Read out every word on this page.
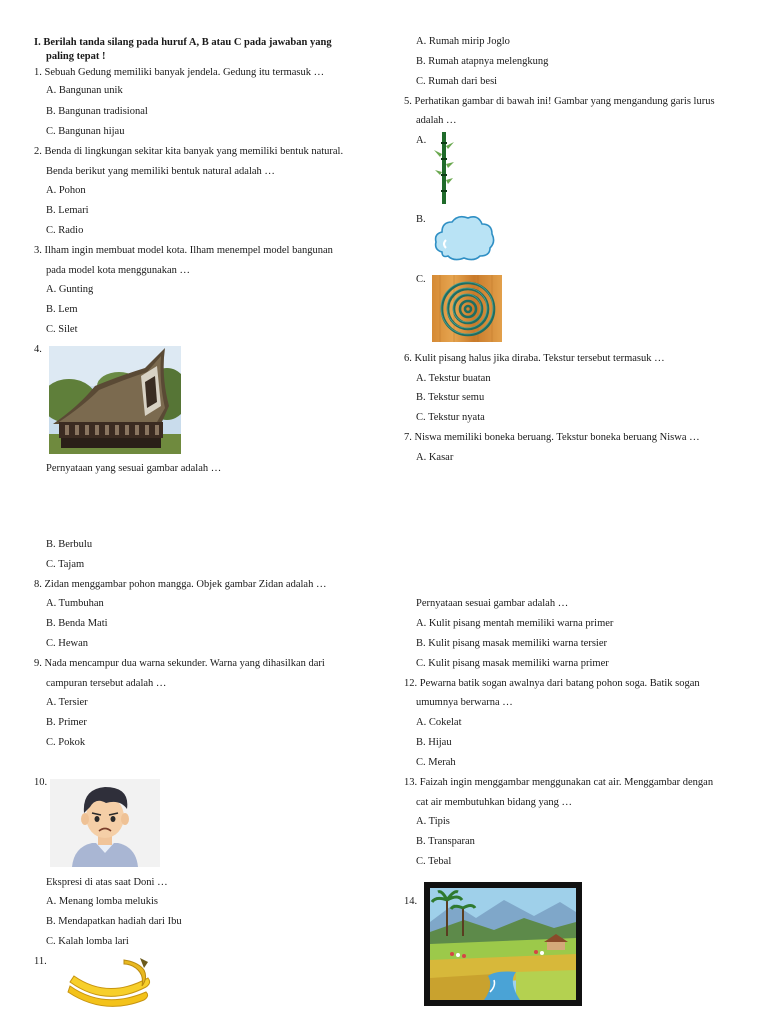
I. Berilah tanda silang pada huruf A, B atau C pada jawaban yang
paling tepat !
1. Sebuah Gedung memiliki banyak jendela. Gedung itu termasuk …
A. Bangunan unik
B. Bangunan tradisional
C. Bangunan hijau
2. Benda di lingkungan sekitar kita banyak yang memiliki bentuk natural.
Benda berikut yang memiliki bentuk natural adalah …
A. Pohon
B. Lemari
C. Radio
3. Ilham ingin membuat model kota. Ilham menempel model bangunan
pada model kota menggunakan …
A. Gunting
B. Lem
C. Silet
4.
Pernyataan yang sesuai gambar adalah …
B. Berbulu
C. Tajam
8. Zidan menggambar pohon mangga. Objek gambar Zidan adalah …
A. Tumbuhan
B. Benda Mati
C. Hewan
9. Nada mencampur dua warna sekunder. Warna yang dihasilkan dari
campuran tersebut adalah …
A. Tersier
B. Primer
C. Pokok
10.
Ekspresi di atas saat Doni …
A. Menang lomba melukis
B. Mendapatkan hadiah dari Ibu
C. Kalah lomba lari
11.
A. Rumah mirip Joglo
B. Rumah atapnya melengkung
C. Rumah dari besi
5. Perhatikan gambar di bawah ini! Gambar yang mengandung garis lurus
adalah …
A.
B.
C.
6. Kulit pisang halus jika diraba. Tekstur tersebut termasuk …
A. Tekstur buatan
B. Tekstur semu
C. Tekstur nyata
7. Niswa memiliki boneka beruang. Tekstur boneka beruang Niswa …
A. Kasar
Pernyataan sesuai gambar adalah …
A. Kulit pisang mentah memiliki warna primer
B. Kulit pisang masak memiliki warna tersier
C. Kulit pisang masak memiliki warna primer
12. Pewarna batik sogan awalnya dari batang pohon soga. Batik sogan
umumnya berwarna …
A. Cokelat
B. Hijau
C. Merah
13. Faizah ingin menggambar menggunakan cat air. Menggambar dengan
cat air membutuhkan bidang yang …
A. Tipis
B. Transparan
C. Tebal
14.
